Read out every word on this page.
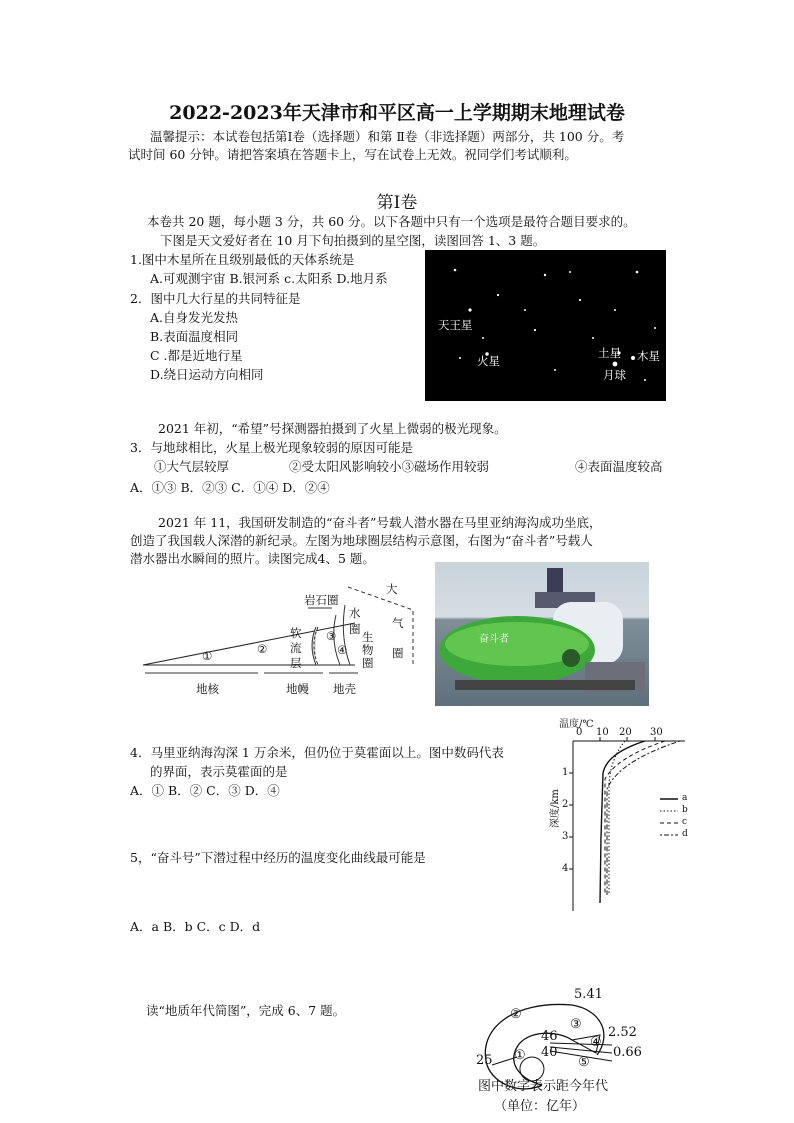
2022-2023年天津市和平区高一上学期期末地理试卷
温馨提示：本试卷包括第Ⅰ卷（选择题）和第 Ⅱ卷（非选择题）两部分，共 100 分。考
试时间 60 分钟。请把答案填在答题卡上，写在试卷上无效。祝同学们考试顺利。
第Ⅰ卷
本卷共 20 题，每小题 3 分，共 60 分。以下各题中只有一个选项是最符合题目要求的。
下图是天文爱好者在 10 月下旬拍摄到的星空图，读图回答 1、3 题。
1.图中木星所在且级别最低的天体系统是
A.可观测宇宙 B.银河系 c.太阳系 D.地月系
2．图中几大行星的共同特征是
A.自身发光发热
B.表面温度相同
C .都是近地行星
D.绕日运动方向相同
天王星
火星
土星 木星
月球
2021 年初，“希望”号探测器拍摄到了火星上微弱的极光现象。
3．与地球相比，火星上极光现象较弱的原因可能是
①大气层较厚	②受太阳风影响较小③磁场作用较弱	④表面温度较高
A．①③ B．②③ C．①④ D．②④
2021 年 11，我国研发制造的“奋斗者”号载人潜水器在马里亚纳海沟成功坐底，
创造了我国载人深潜的新纪录。左图为地球圈层结构示意图，右图为“奋斗者”号载人
潜水器出水瞬间的照片。读图完成4、5 题。
岩石圈
软
流
层
水
圈
生
物
圈
大
气
圈
①	②
③
④
地核	地幔 地壳
奋斗者
4．马里亚纳海沟深 1 万余米，但仍位于莫霍面以上。图中数码代表
的界面，表示莫霍面的是
A．① B．② C．③ D．④
温度/℃
0 10 20 30
1
2
3
4
深度/km	a
b
c
d
5，“奋斗号”下潜过程中经历的温度变化曲线最可能是
A．a B．b C．c D．d
读“地质年代简图”，完成 6、7 题。
5.41
2.52
0.66
46
40
25 ①
②
③
④
⑤
图中数字表示距今年代
（单位：亿年）
